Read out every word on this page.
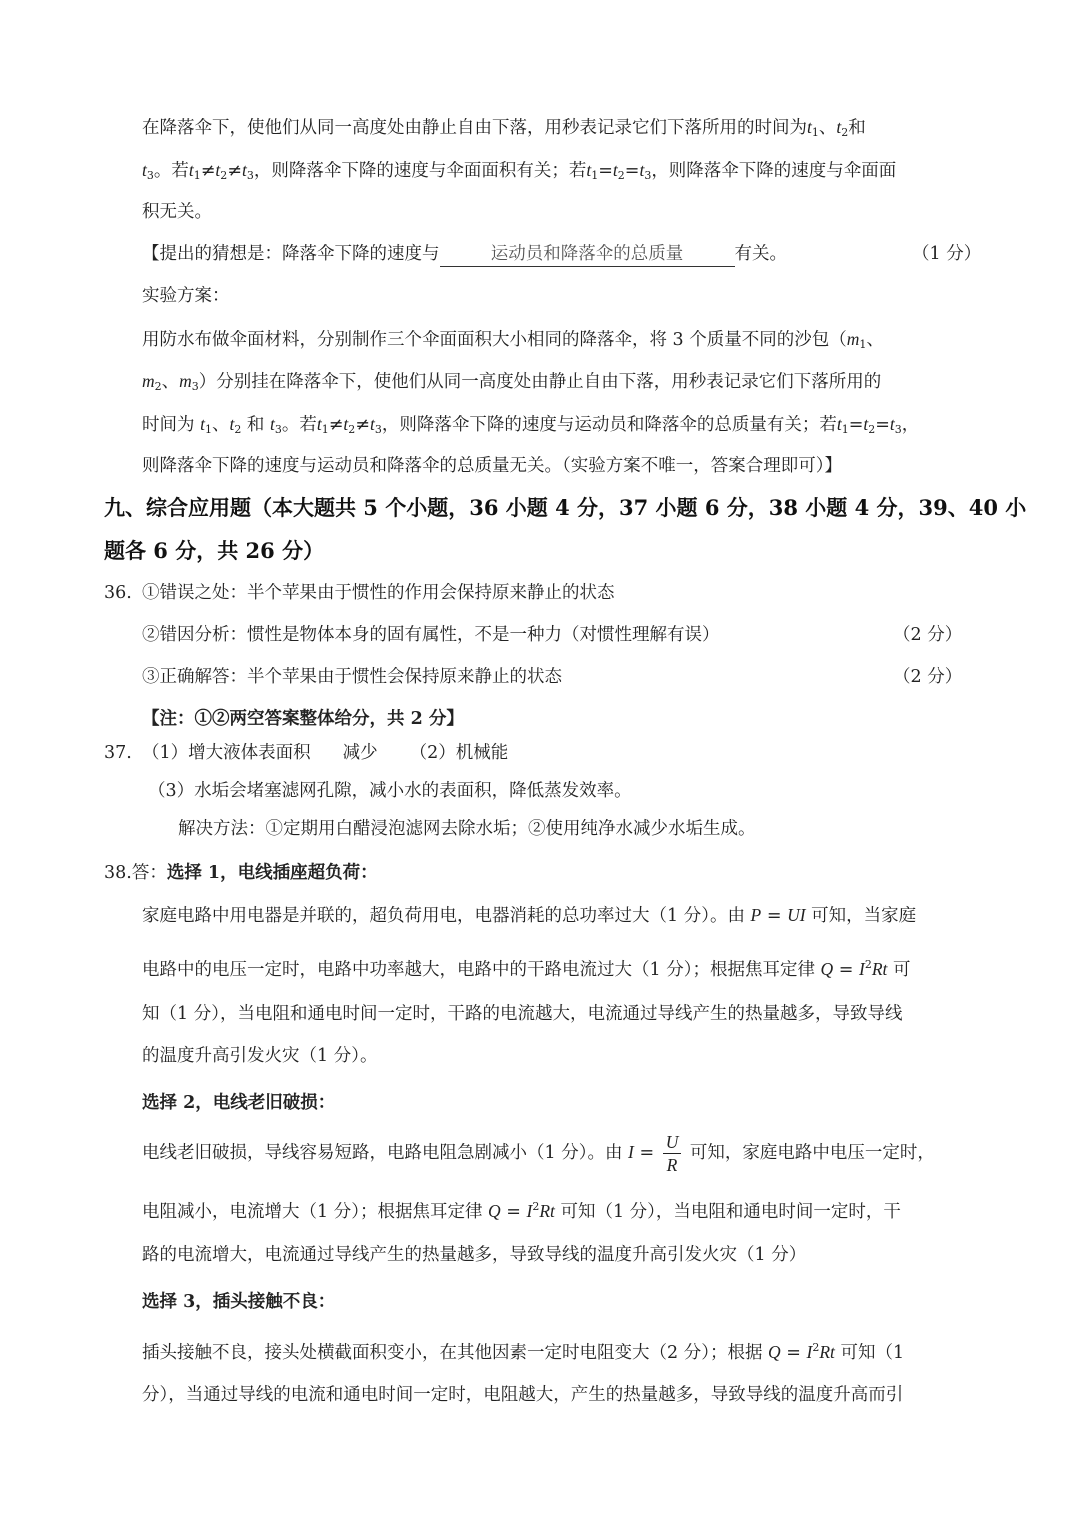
在降落伞下，使他们从同一高度处由静止自由下落，用秒表记录它们下落所用的时间为$t_1$、$t_2$和
$t_3$。若$t_1\ne t_2\ne t_3$，则降落伞下降的速度与伞面面积有关；若$t_1=t_2=t_3$，则降落伞下降的速度与伞面面
积无关。
【提出的猜想是：降落伞下降的速度与	运动员和降落伞的总质量	有关。	（1 分）
实验方案：
用防水布做伞面材料，分别制作三个伞面面积大小相同的降落伞，将 3 个质量不同的沙包（$m_1$、
$m_2$、$m_3$）分别挂在降落伞下，使他们从同一高度处由静止自由下落，用秒表记录它们下落所用的
时间为 $t_1$、$t_2$ 和 $t_3$。若$t_1\ne t_2\ne t_3$，则降落伞下降的速度与运动员和降落伞的总质量有关；若$t_1=t_2=t_3$，
则降落伞下降的速度与运动员和降落伞的总质量无关。（实验方案不唯一，答案合理即可）】
九、综合应用题（本大题共 5 个小题，36 小题 4 分，37 小题 6 分，38 小题 4 分，39、40 小
题各 6 分，共 26 分）
36. ①错误之处：半个苹果由于惯性的作用会保持原来静止的状态
②错因分析：惯性是物体本身的固有属性，不是一种力（对惯性理解有误）	（2 分）
③正确解答：半个苹果由于惯性会保持原来静止的状态	（2 分）
【注：①②两空答案整体给分，共 2 分】
37. （1）增大液体表面积 减少 （2）机械能
（3）水垢会堵塞滤网孔隙，减小水的表面积，降低蒸发效率。
解决方法：①定期用白醋浸泡滤网去除水垢；②使用纯净水减少水垢生成。
38.答：选择 1，电线插座超负荷：
家庭电路中用电器是并联的，超负荷用电，电器消耗的总功率过大（1 分）。由 P = UI 可知，当家庭
电路中的电压一定时，电路中功率越大，电路中的干路电流过大（1 分）；根据焦耳定律 $Q = I^2Rt$ 可
知（1 分），当电阻和通电时间一定时，干路的电流越大，电流通过导线产生的热量越多，导致导线
的温度升高引发火灾（1 分）。
选择 2，电线老旧破损：
电线老旧破损，导线容易短路，电路电阻急剧减小（1 分）。由 $I = \frac{U}{R}$ 可知，家庭电路中电压一定时，
电阻减小，电流增大（1 分）；根据焦耳定律 $Q = I^2Rt$ 可知（1 分），当电阻和通电时间一定时，干
路的电流增大，电流通过导线产生的热量越多，导致导线的温度升高引发火灾（1 分）
选择 3，插头接触不良：
插头接触不良，接头处横截面积变小，在其他因素一定时电阻变大（2 分）；根据 $Q = I^2Rt$ 可知（1
分），当通过导线的电流和通电时间一定时，电阻越大，产生的热量越多，导致导线的温度升高而引
